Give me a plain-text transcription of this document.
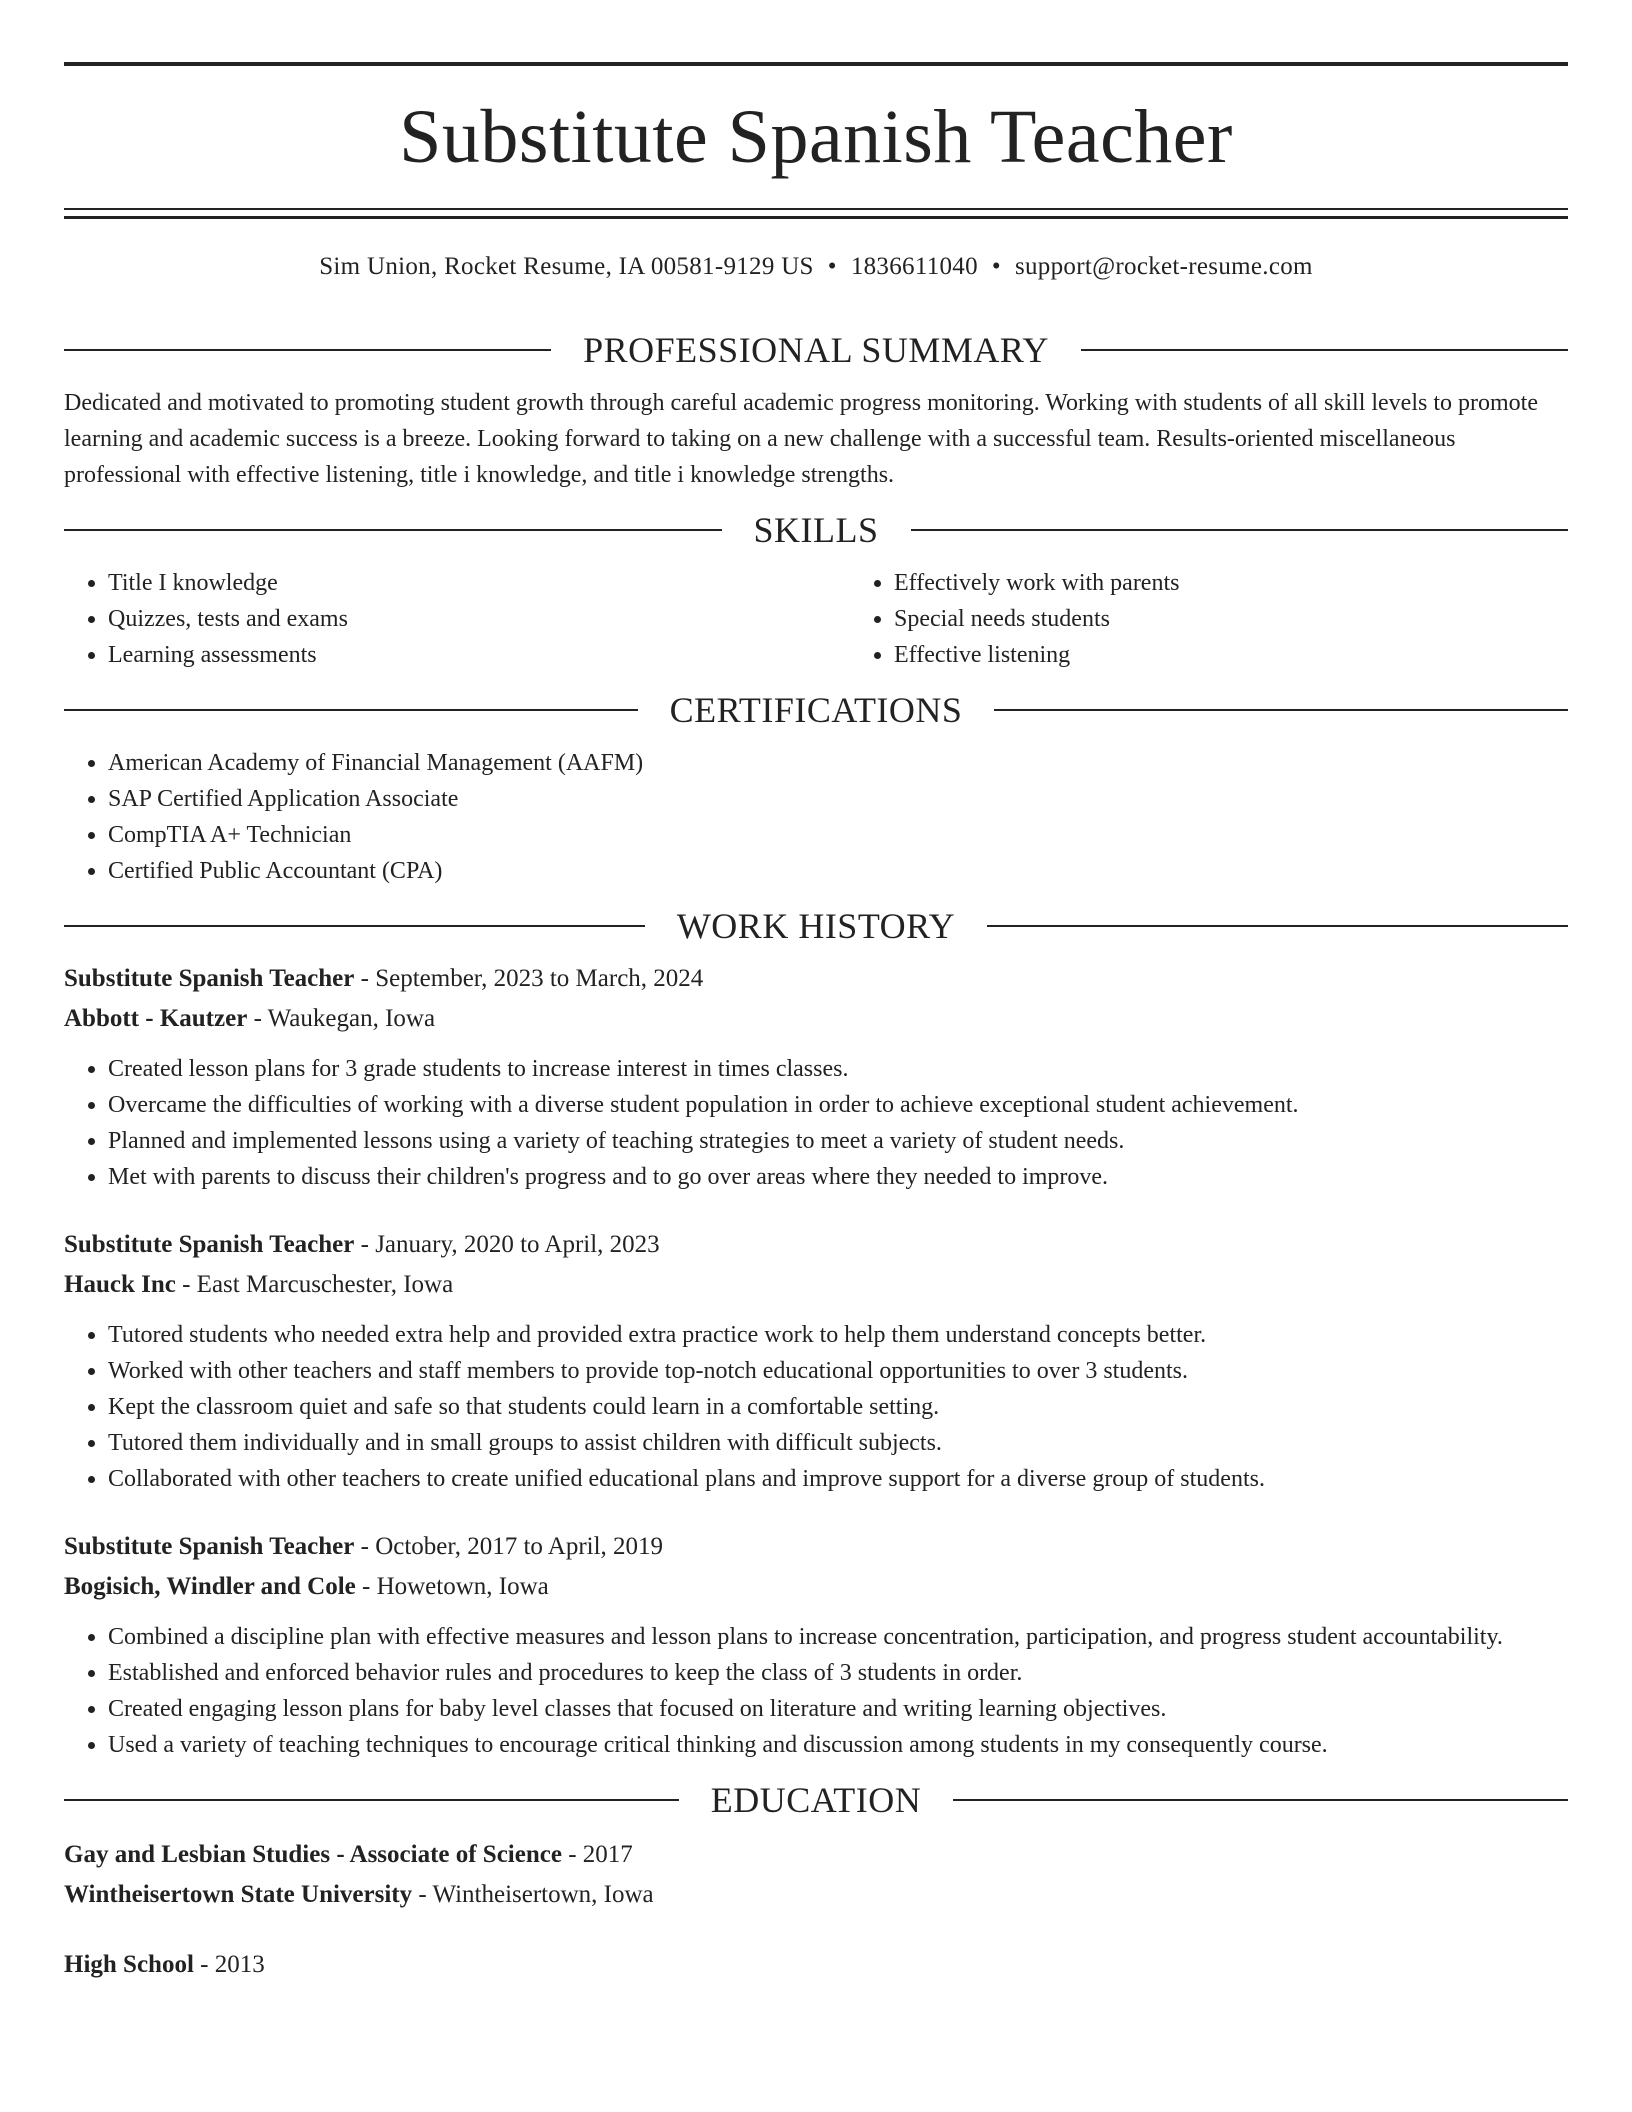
Substitute Spanish Teacher
Sim Union, Rocket Resume, IA 00581-9129 US • 1836611040 • support@rocket-resume.com
PROFESSIONAL SUMMARY

Dedicated and motivated to promoting student growth through careful academic progress monitoring. Working with students of all skill levels to promote learning and academic success is a breeze. Looking forward to taking on a new challenge with a successful team. Results-oriented miscellaneous professional with effective listening, title i knowledge, and title i knowledge strengths.

SKILLS
• Title I knowledge
• Quizzes, tests and exams
• Learning assessments
• Effectively work with parents
• Special needs students
• Effective listening
CERTIFICATIONS
• American Academy of Financial Management (AAFM)
• SAP Certified Application Associate
• CompTIA A+ Technician
• Certified Public Accountant (CPA)
WORK HISTORY
Substitute Spanish Teacher - September, 2023 to March, 2024
Abbott - Kautzer - Waukegan, Iowa
• Created lesson plans for 3 grade students to increase interest in times classes.
• Overcame the difficulties of working with a diverse student population in order to achieve exceptional student achievement.
• Planned and implemented lessons using a variety of teaching strategies to meet a variety of student needs.
• Met with parents to discuss their children's progress and to go over areas where they needed to improve.
Substitute Spanish Teacher - January, 2020 to April, 2023
Hauck Inc - East Marcuschester, Iowa
• Tutored students who needed extra help and provided extra practice work to help them understand concepts better.
• Worked with other teachers and staff members to provide top-notch educational opportunities to over 3 students.
• Kept the classroom quiet and safe so that students could learn in a comfortable setting.
• Tutored them individually and in small groups to assist children with difficult subjects.
• Collaborated with other teachers to create unified educational plans and improve support for a diverse group of students.
Substitute Spanish Teacher - October, 2017 to April, 2019
Bogisich, Windler and Cole - Howetown, Iowa
• Combined a discipline plan with effective measures and lesson plans to increase concentration, participation, and progress student accountability.
• Established and enforced behavior rules and procedures to keep the class of 3 students in order.
• Created engaging lesson plans for baby level classes that focused on literature and writing learning objectives.
• Used a variety of teaching techniques to encourage critical thinking and discussion among students in my consequently course.
EDUCATION
Gay and Lesbian Studies - Associate of Science - 2017
Wintheisertown State University - Wintheisertown, Iowa
High School - 2013
